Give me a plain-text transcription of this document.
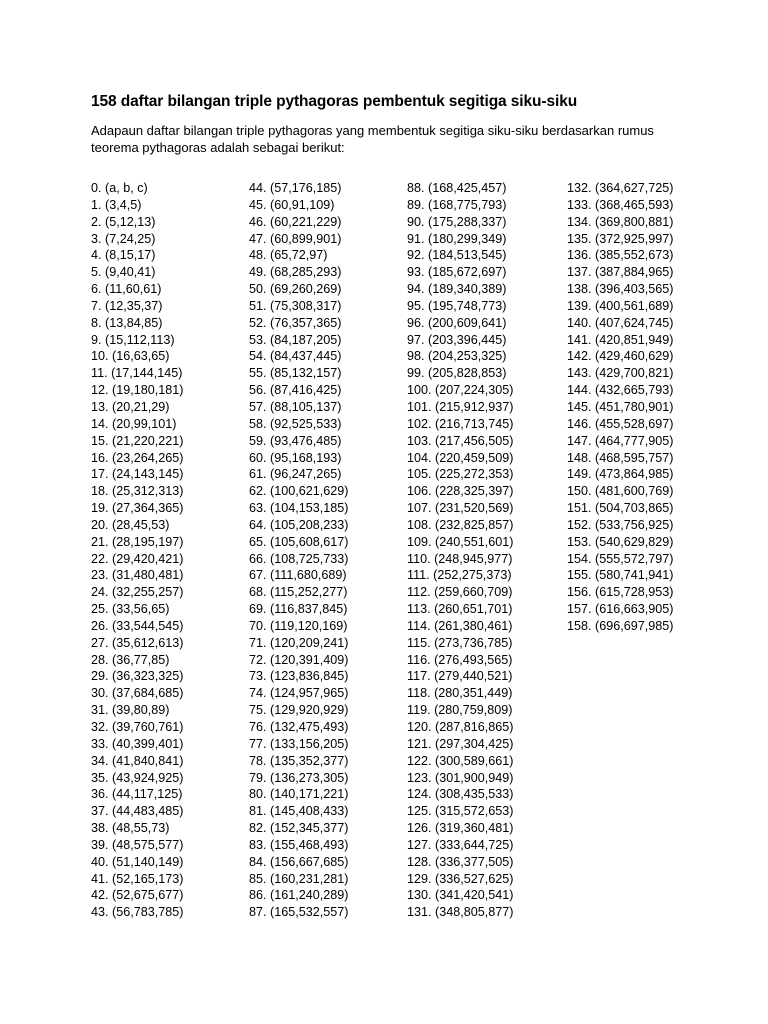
158 daftar bilangan triple pythagoras pembentuk segitiga siku-siku
Adapaun daftar bilangan triple pythagoras yang membentuk segitiga siku-siku berdasarkan rumus teorema pythagoras adalah sebagai berikut:
0. (a, b, c)
1. (3,4,5)
2. (5,12,13)
3. (7,24,25)
4. (8,15,17)
5. (9,40,41)
6. (11,60,61)
7. (12,35,37)
8. (13,84,85)
9. (15,112,113)
10. (16,63,65)
11. (17,144,145)
12. (19,180,181)
13. (20,21,29)
14. (20,99,101)
15. (21,220,221)
16. (23,264,265)
17. (24,143,145)
18. (25,312,313)
19. (27,364,365)
20. (28,45,53)
21. (28,195,197)
22. (29,420,421)
23. (31,480,481)
24. (32,255,257)
25. (33,56,65)
26. (33,544,545)
27. (35,612,613)
28. (36,77,85)
29. (36,323,325)
30. (37,684,685)
31. (39,80,89)
32. (39,760,761)
33. (40,399,401)
34. (41,840,841)
35. (43,924,925)
36. (44,117,125)
37. (44,483,485)
38. (48,55,73)
39. (48,575,577)
40. (51,140,149)
41. (52,165,173)
42. (52,675,677)
43. (56,783,785)
44. (57,176,185)
45. (60,91,109)
46. (60,221,229)
47. (60,899,901)
48. (65,72,97)
49. (68,285,293)
50. (69,260,269)
51. (75,308,317)
52. (76,357,365)
53. (84,187,205)
54. (84,437,445)
55. (85,132,157)
56. (87,416,425)
57. (88,105,137)
58. (92,525,533)
59. (93,476,485)
60. (95,168,193)
61. (96,247,265)
62. (100,621,629)
63. (104,153,185)
64. (105,208,233)
65. (105,608,617)
66. (108,725,733)
67. (111,680,689)
68. (115,252,277)
69. (116,837,845)
70. (119,120,169)
71. (120,209,241)
72. (120,391,409)
73. (123,836,845)
74. (124,957,965)
75. (129,920,929)
76. (132,475,493)
77. (133,156,205)
78. (135,352,377)
79. (136,273,305)
80. (140,171,221)
81. (145,408,433)
82. (152,345,377)
83. (155,468,493)
84. (156,667,685)
85. (160,231,281)
86. (161,240,289)
87. (165,532,557)
88. (168,425,457)
89. (168,775,793)
90. (175,288,337)
91. (180,299,349)
92. (184,513,545)
93. (185,672,697)
94. (189,340,389)
95. (195,748,773)
96. (200,609,641)
97. (203,396,445)
98. (204,253,325)
99. (205,828,853)
100. (207,224,305)
101. (215,912,937)
102. (216,713,745)
103. (217,456,505)
104. (220,459,509)
105. (225,272,353)
106. (228,325,397)
107. (231,520,569)
108. (232,825,857)
109. (240,551,601)
110. (248,945,977)
111. (252,275,373)
112. (259,660,709)
113. (260,651,701)
114. (261,380,461)
115. (273,736,785)
116. (276,493,565)
117. (279,440,521)
118. (280,351,449)
119. (280,759,809)
120. (287,816,865)
121. (297,304,425)
122. (300,589,661)
123. (301,900,949)
124. (308,435,533)
125. (315,572,653)
126. (319,360,481)
127. (333,644,725)
128. (336,377,505)
129. (336,527,625)
130. (341,420,541)
131. (348,805,877)
132. (364,627,725)
133. (368,465,593)
134. (369,800,881)
135. (372,925,997)
136. (385,552,673)
137. (387,884,965)
138. (396,403,565)
139. (400,561,689)
140. (407,624,745)
141. (420,851,949)
142. (429,460,629)
143. (429,700,821)
144. (432,665,793)
145. (451,780,901)
146. (455,528,697)
147. (464,777,905)
148. (468,595,757)
149. (473,864,985)
150. (481,600,769)
151. (504,703,865)
152. (533,756,925)
153. (540,629,829)
154. (555,572,797)
155. (580,741,941)
156. (615,728,953)
157. (616,663,905)
158. (696,697,985)
